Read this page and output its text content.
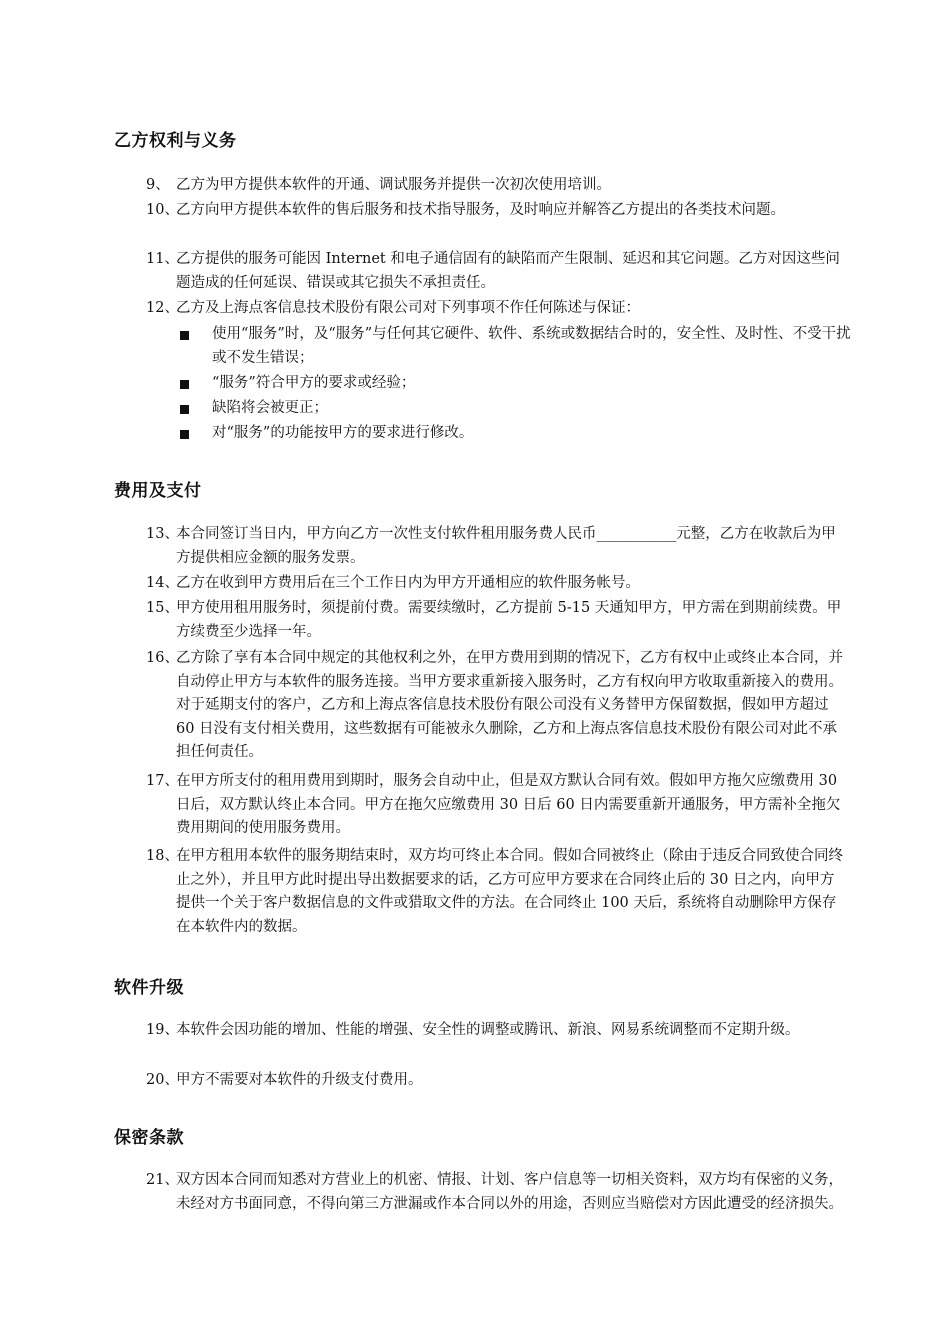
乙方权利与义务
9、 乙方为甲方提供本软件的开通、调试服务并提供一次初次使用培训。
10、
乙方向甲方提供本软件的售后服务和技术指导服务，及时响应并解答乙方提出的各类技术问题。
11、
乙方提供的服务可能因 Internet 和电子通信固有的缺陷而产生限制、延迟和其它问题。乙方对因这些问题造成的任何延误、错误或其它损失不承担责任。
12、
乙方及上海点客信息技术股份有限公司对下列事项不作任何陈述与保证：
使用“服务”时，及“服务”与任何其它硬件、软件、系统或数据结合时的，安全性、及时性、不受干扰或不发生错误；
“服务”符合甲方的要求或经验；
缺陷将会被更正；
对“服务”的功能按甲方的要求进行修改。
费用及支付
13、
本合同签订当日内，甲方向乙方一次性支付软件租用服务费人民币___________元整，乙方在收款后为甲方提供相应金额的服务发票。
14、
乙方在收到甲方费用后在三个工作日内为甲方开通相应的软件服务帐号。
15、
甲方使用租用服务时，须提前付费。需要续缴时，乙方提前 5-15 天通知甲方，甲方需在到期前续费。甲方续费至少选择一年。
16、
乙方除了享有本合同中规定的其他权利之外，在甲方费用到期的情况下，乙方有权中止或终止本合同，并自动停止甲方与本软件的服务连接。当甲方要求重新接入服务时，乙方有权向甲方收取重新接入的费用。对于延期支付的客户，乙方和上海点客信息技术股份有限公司没有义务替甲方保留数据，假如甲方超过 60 日没有支付相关费用，这些数据有可能被永久删除，乙方和上海点客信息技术股份有限公司对此不承担任何责任。
17、
在甲方所支付的租用费用到期时，服务会自动中止，但是双方默认合同有效。假如甲方拖欠应缴费用 30 日后，双方默认终止本合同。甲方在拖欠应缴费用 30 日后 60 日内需要重新开通服务，甲方需补全拖欠费用期间的使用服务费用。
18、
在甲方租用本软件的服务期结束时，双方均可终止本合同。假如合同被终止（除由于违反合同致使合同终止之外），并且甲方此时提出导出数据要求的话，乙方可应甲方要求在合同终止后的 30 日之内，向甲方提供一个关于客户数据信息的文件或猎取文件的方法。在合同终止 100 天后，系统将自动删除甲方保存在本软件内的数据。
软件升级
19、
本软件会因功能的增加、性能的增强、安全性的调整或腾讯、新浪、网易系统调整而不定期升级。
20、
甲方不需要对本软件的升级支付费用。
保密条款
21、
双方因本合同而知悉对方营业上的机密、情报、计划、客户信息等一切相关资料，双方均有保密的义务，未经对方书面同意，不得向第三方泄漏或作本合同以外的用途，否则应当赔偿对方因此遭受的经济损失。
